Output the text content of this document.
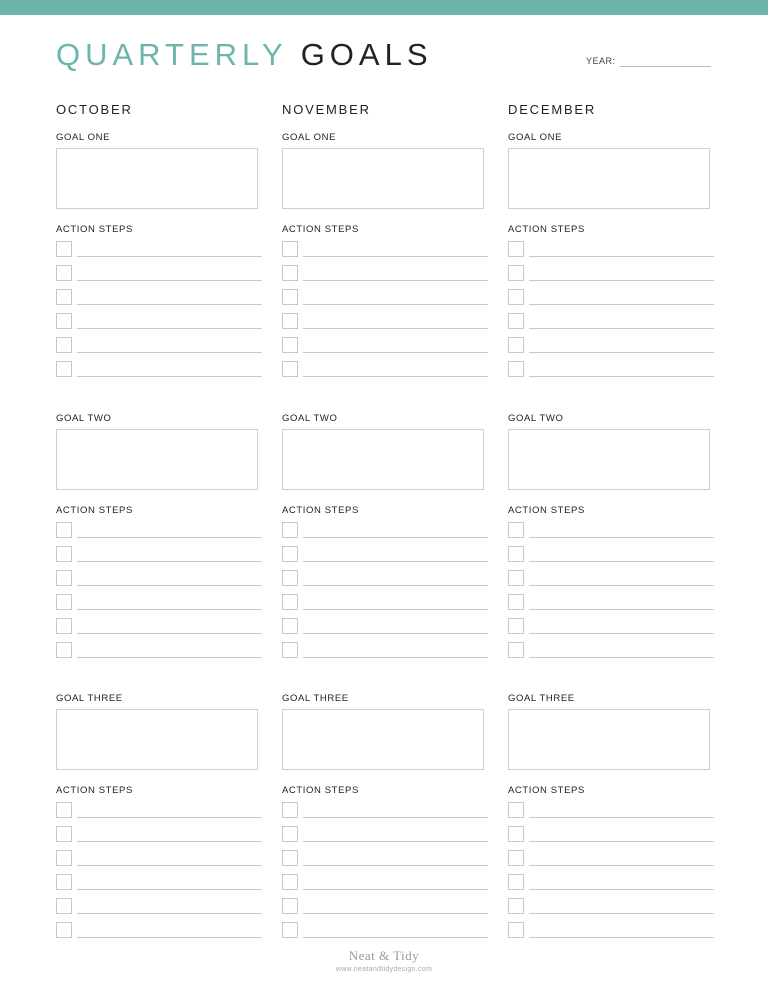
QUARTERLY GOALS	YEAR:
OCTOBER
GOAL ONE
ACTION STEPS
GOAL TWO
ACTION STEPS
GOAL THREE
ACTION STEPS
NOVEMBER
GOAL ONE
ACTION STEPS
GOAL TWO
ACTION STEPS
GOAL THREE
ACTION STEPS
DECEMBER
GOAL ONE
ACTION STEPS
GOAL TWO
ACTION STEPS
GOAL THREE
ACTION STEPS
Neat & Tidy
www.neatandtidydesign.com
